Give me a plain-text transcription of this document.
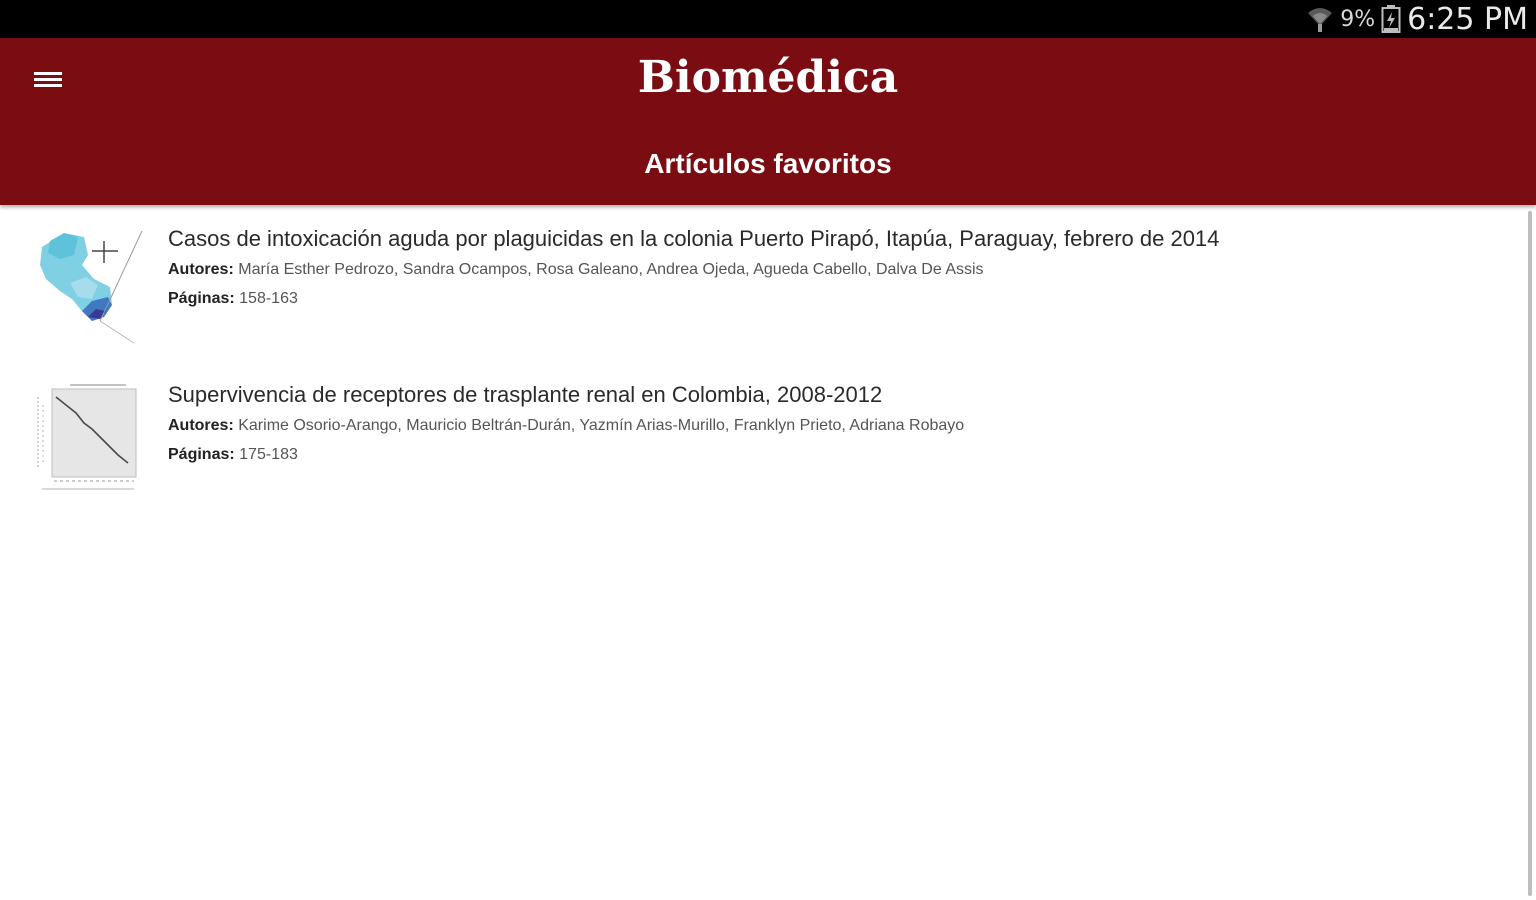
9% 6:25 PM
Biomédica
Artículos favoritos

Casos de intoxicación aguda por plaguicidas en la colonia Puerto Pirapó, Itapúa, Paraguay, febrero de 2014

Autores: María Esther Pedrozo, Sandra Ocampos, Rosa Galeano, Andrea Ojeda, Agueda Cabello, Dalva De Assis
Páginas: 158-163

Supervivencia de receptores de trasplante renal en Colombia, 2008-2012

Autores: Karime Osorio-Arango, Mauricio Beltrán-Durán, Yazmín Arias-Murillo, Franklyn Prieto, Adriana Robayo
Páginas: 175-183
